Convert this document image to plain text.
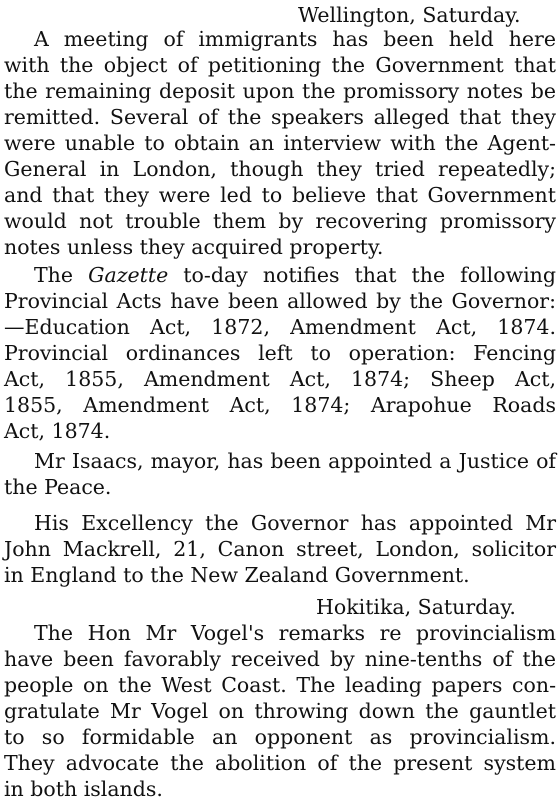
Wellington, Saturday.
A meeting of immigrants has been held here
with the object of petitioning the Government that
the remaining deposit upon the promissory notes be
remitted. Several of the speakers alleged that they
were unable to obtain an interview with the Agent-
General in London, though they tried repeatedly;
and that they were led to believe that Government
would not trouble them by recovering promissory
notes unless they acquired property.
The Gazette to-day notifies that the following
Provincial Acts have been allowed by the Governor:
—Education Act, 1872, Amendment Act, 1874.
Provincial ordinances left to operation: Fencing
Act, 1855, Amendment Act, 1874; Sheep Act,
1855, Amendment Act, 1874; Arapohue Roads
Act, 1874.
Mr Isaacs, mayor, has been appointed a Justice of
the Peace.
His Excellency the Governor has appointed Mr
John Mackrell, 21, Canon street, London, solicitor
in England to the New Zealand Government.
Hokitika, Saturday.
The Hon Mr Vogel's remarks re provincialism
have been favorably received by nine-tenths of the
people on the West Coast. The leading papers con-
gratulate Mr Vogel on throwing down the gauntlet
to so formidable an opponent as provincialism.
They advocate the abolition of the present system
in both islands.
